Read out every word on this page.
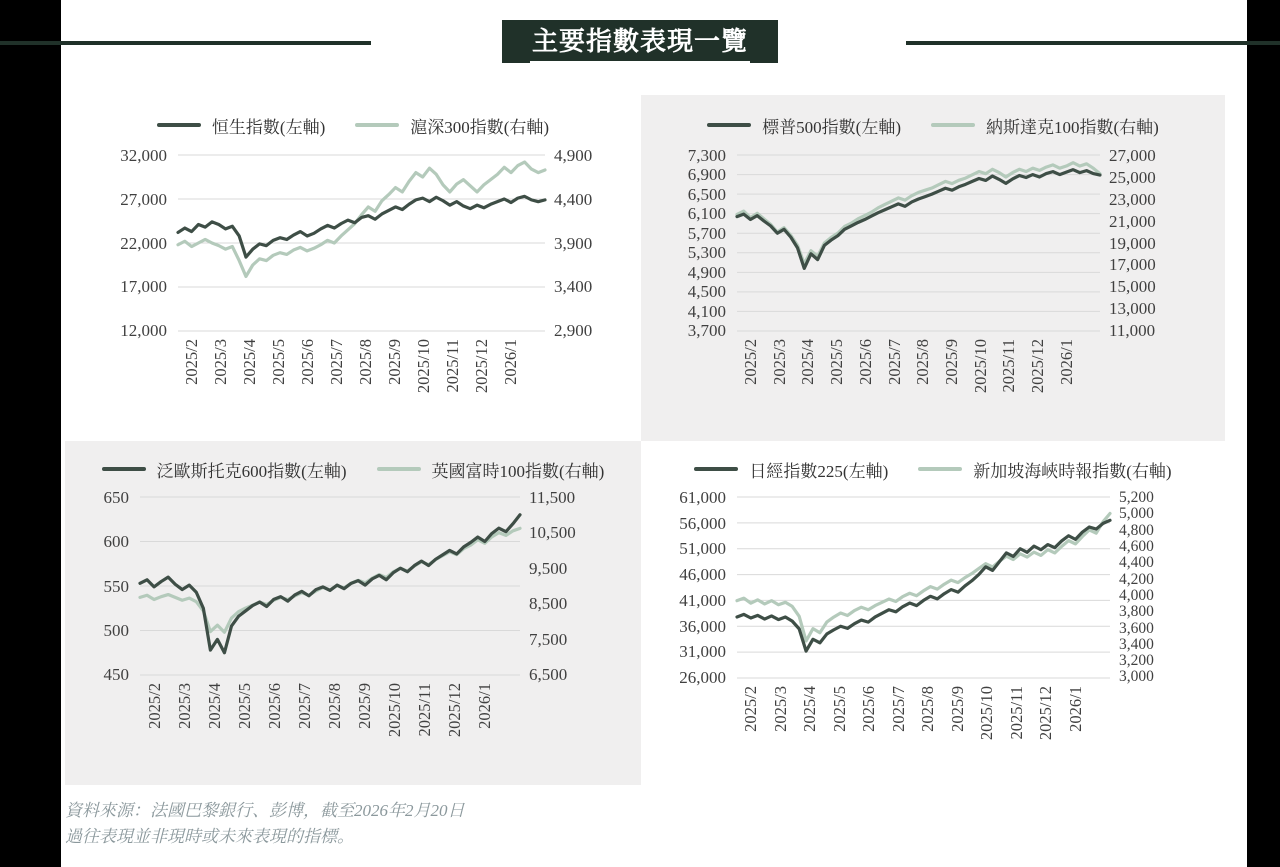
主要指數表現一覽
恒生指數(左軸)	滬深300指數(右軸)
32,000
27,000
22,000
17,000
12,000
4,900
4,400
3,900
3,400
2,900
2025/2 2025/3 2025/4 2025/5 2025/6 2025/7 2025/8 2025/9 2025/10 2025/11 2025/12 2026/1
標普500指數(左軸)	納斯達克100指數(右軸)
7,300
6,900
6,500
6,100
5,700
5,300
4,900
4,500
4,100
3,700
27,000
25,000
23,000
21,000
19,000
17,000
15,000
13,000
11,000
2025/2 2025/3 2025/4 2025/5 2025/6 2025/7 2025/8 2025/9 2025/10 2025/11 2025/12 2026/1
泛歐斯托克600指數(左軸)	英國富時100指數(右軸)
650
600
550
500
450
11,500
10,500
9,500
8,500
7,500
6,500
2025/2 2025/3 2025/4 2025/5 2025/6 2025/7 2025/8 2025/9 2025/10 2025/11 2025/12 2026/1
日經指數225(左軸)	新加坡海峽時報指數(右軸)
61,000
56,000
51,000
46,000
41,000
36,000
31,000
26,000
5,200
5,000
4,800
4,600
4,400
4,200
4,000
3,800
3,600
3,400
3,200
3,000
2025/2 2025/3 2025/4 2025/5 2025/6 2025/7 2025/8 2025/9 2025/10 2025/11 2025/12 2026/1
資料來源：法國巴黎銀行、彭博，截至2026年2月20日
過往表現並非現時或未來表現的指標。
